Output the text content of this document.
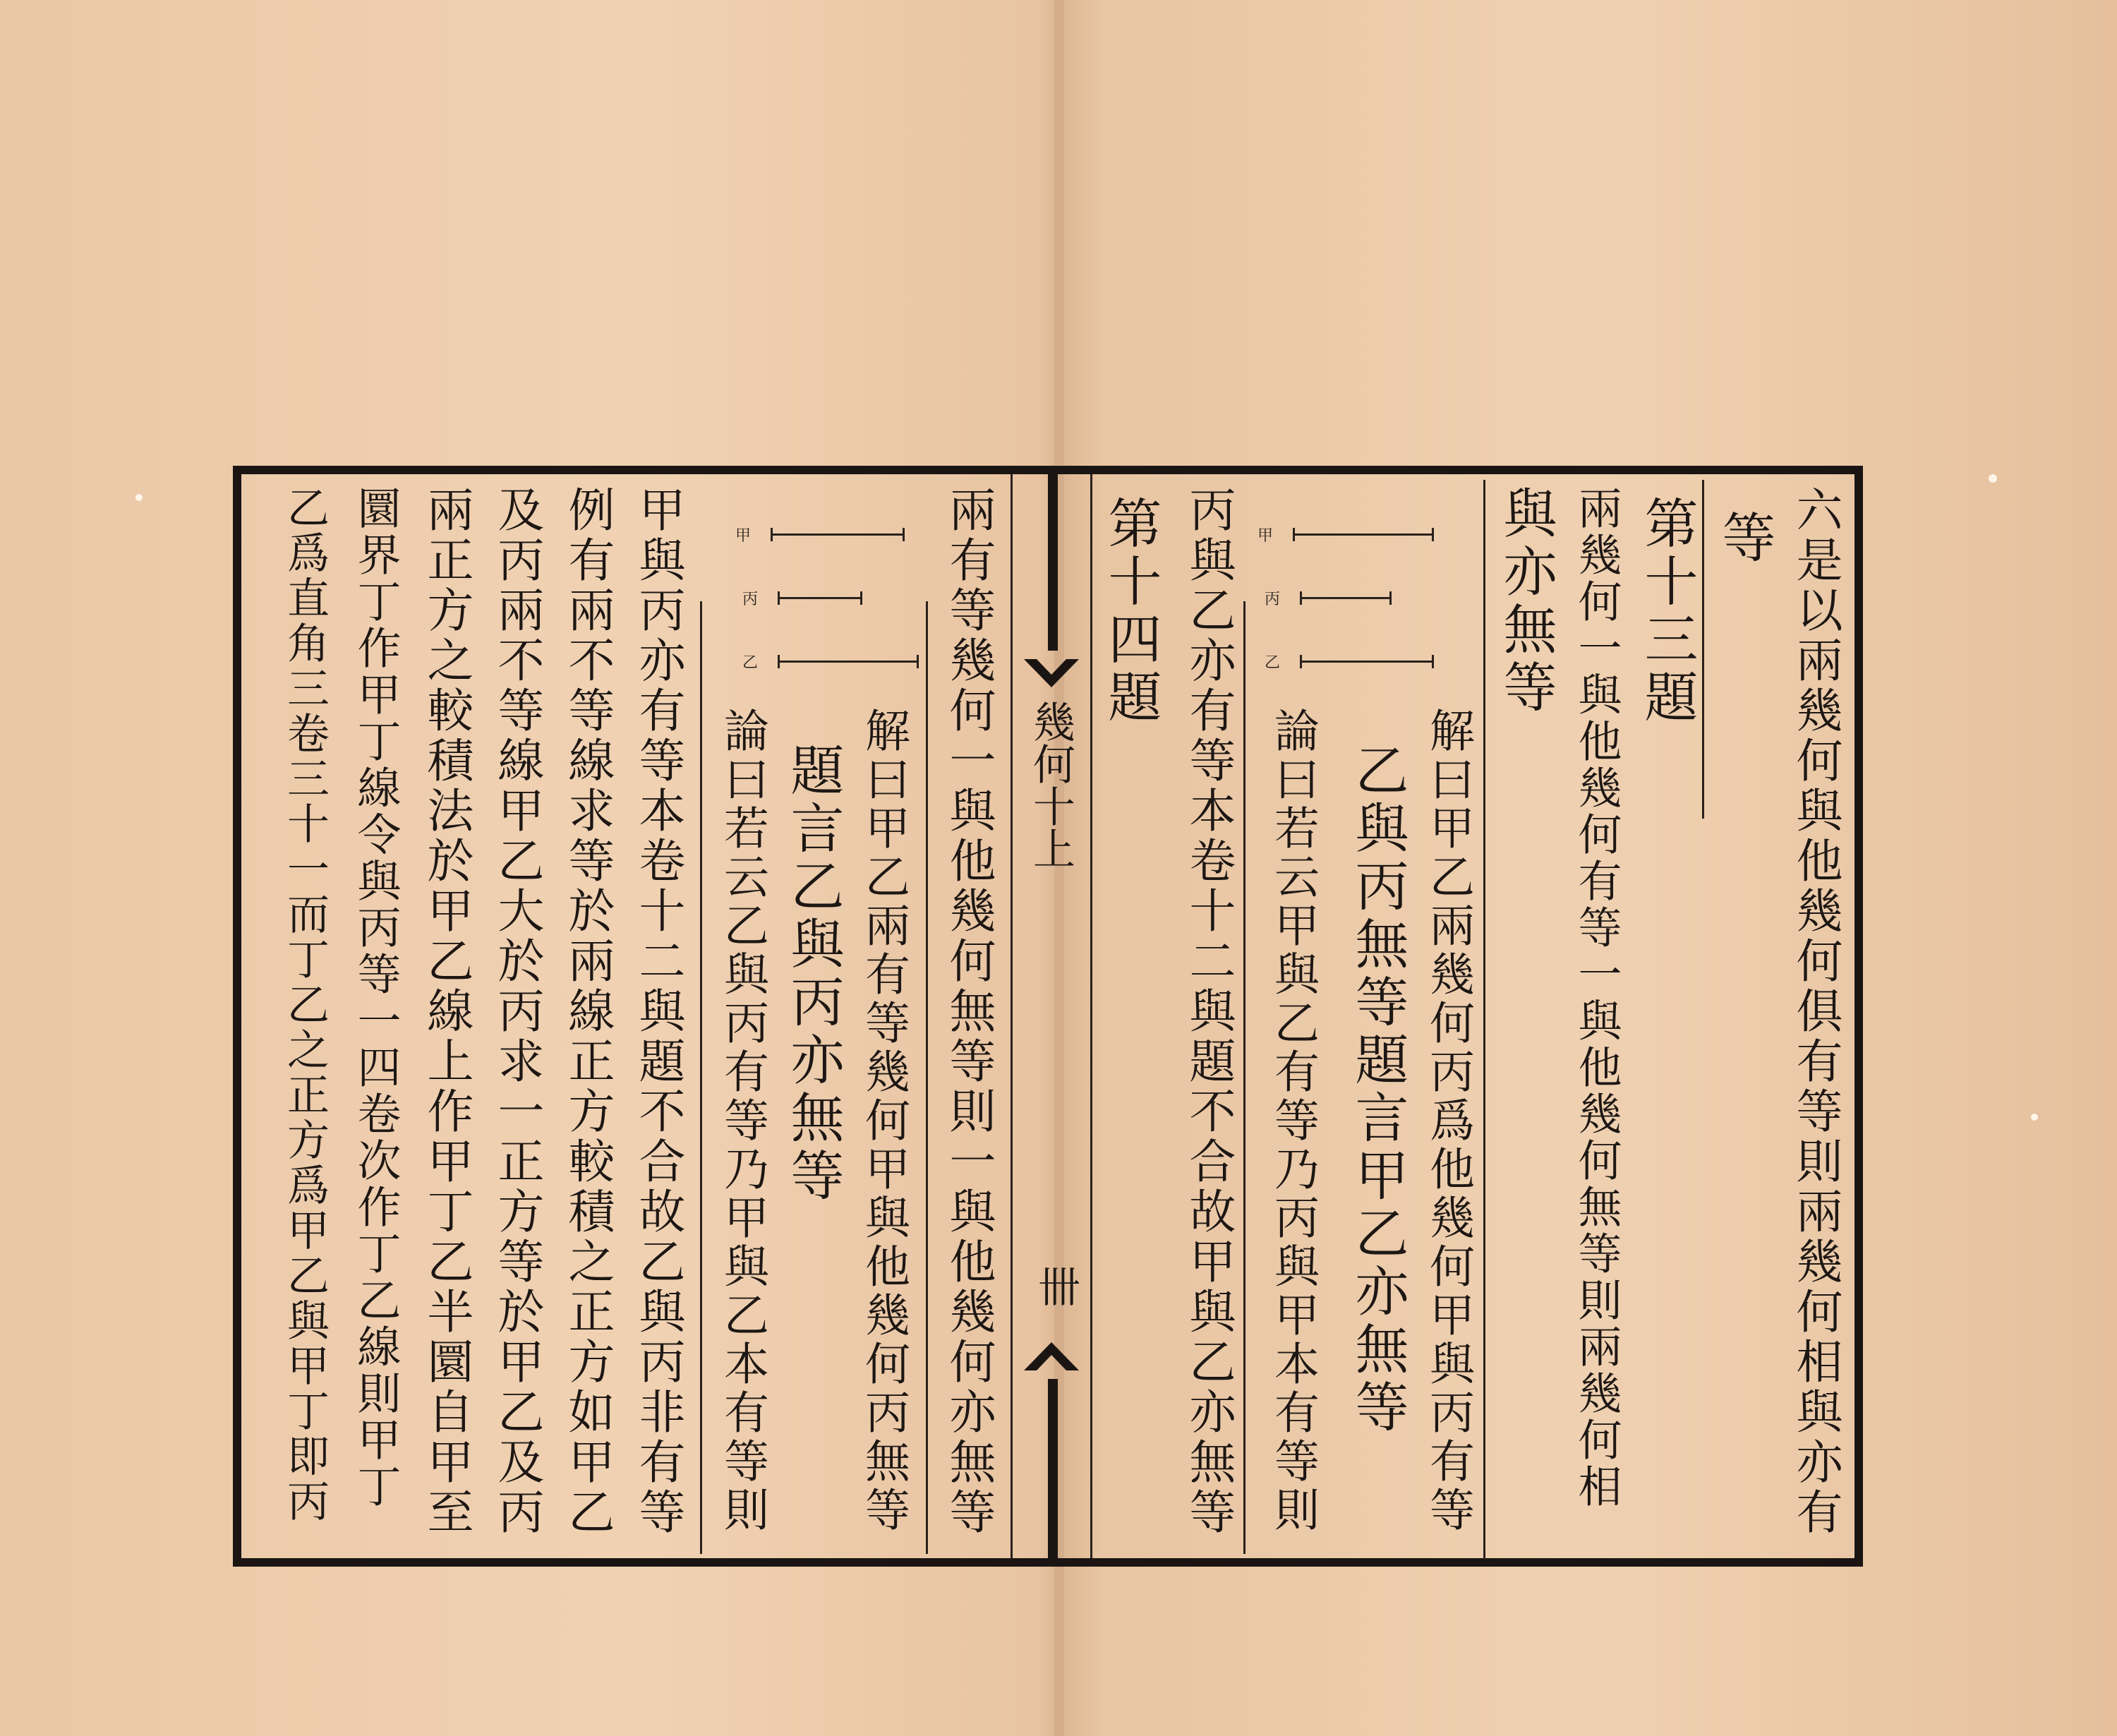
六是以兩幾何與他幾何俱有等則兩幾何相與亦有
等
第十三題
兩幾何一與他幾何有等一與他幾何無等則兩幾何相
與亦無等
解曰甲乙兩幾何丙爲他幾何甲與丙有等
乙與丙無等題言甲乙亦無等
甲
丙
乙
論曰若云甲與乙有等乃丙與甲本有等則
丙與乙亦有等本卷十二與題不合故甲與乙亦無等
第十四題
幾何十上
卌
兩有等幾何一與他幾何無等則一與他幾何亦無等
解曰甲乙兩有等幾何甲與他幾何丙無等
題言乙與丙亦無等
甲
丙
乙
論曰若云乙與丙有等乃甲與乙本有等則
甲與丙亦有等本卷十二與題不合故乙與丙非有等
例有兩不等線求等於兩線正方較積之正方如甲乙
及丙兩不等線甲乙大於丙求一正方等於甲乙及丙
兩正方之較積法於甲乙線上作甲丁乙半圜自甲至
圜界丁作甲丁線令與丙等一四卷次作丁乙線則甲丁
乙爲直角三卷三十一而丁乙之正方爲甲乙與甲丁即丙
